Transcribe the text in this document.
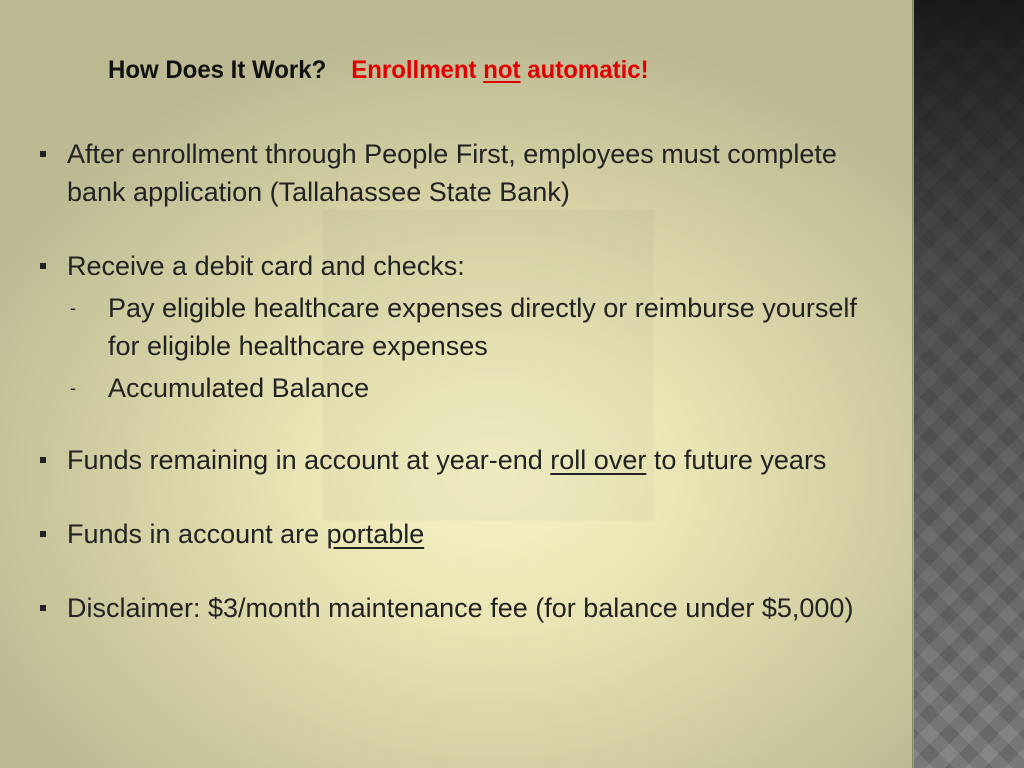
How Does It Work? Enrollment not automatic!
After enrollment through People First, employees must complete bank application (Tallahassee State Bank)
Receive a debit card and checks:
- Pay eligible healthcare expenses directly or reimburse yourself for eligible healthcare expenses
- Accumulated Balance
Funds remaining in account at year-end roll over to future years
Funds in account are portable
Disclaimer: $3/month maintenance fee (for balance under $5,000)
